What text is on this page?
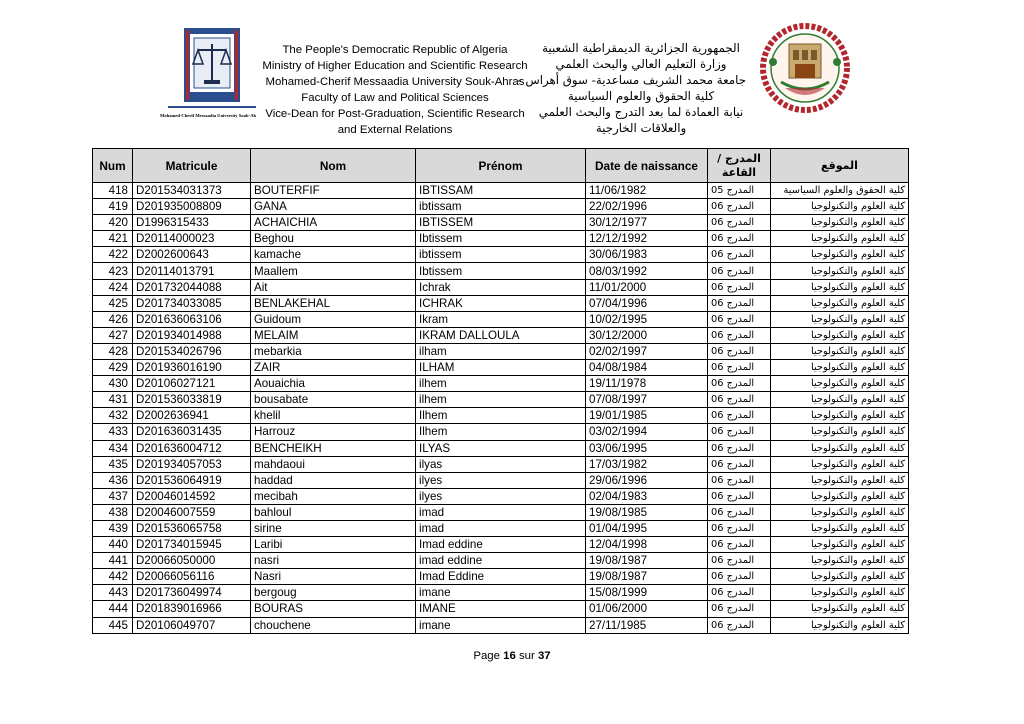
Mohamed-Cherif Messaadia University Souk-Ah
The People's Democratic Republic of Algeria
Ministry of Higher Education and Scientific Research
Mohamed-Cherif Messaadia University Souk-Ahras
Faculty of Law and Political Sciences
Vice-Dean for Post-Graduation, Scientific Research
and External Relations
الجمهورية الجزائرية الديمقراطية الشعبية
وزارة التعليم العالي والبحث العلمي
جامعة محمد الشريف مساعدية- سوق أهراس -
كلية الحقوق والعلوم السياسية
نيابة العمادة لما بعد التدرج والبحث العلمي والعلاقات الخارجية
Num	Matricule	Nom	Prénom	Date de naissance	المدرج / القاعة	الموقع
418	D201534031373	BOUTERFIF	IBTISSAM	11/06/1982	المدرج 05	كلية الحقوق والعلوم السياسية
419	D201935008809	GANA	ibtissam	22/02/1996	المدرج 06	كلية العلوم والتكنولوجيا
420	D1996315433	ACHAICHIA	IBTISSEM	30/12/1977	المدرج 06	كلية العلوم والتكنولوجيا
421	D20114000023	Beghou	Ibtissem	12/12/1992	المدرج 06	كلية العلوم والتكنولوجيا
422	D2002600643	kamache	ibtissem	30/06/1983	المدرج 06	كلية العلوم والتكنولوجيا
423	D20114013791	Maallem	Ibtissem	08/03/1992	المدرج 06	كلية العلوم والتكنولوجيا
424	D201732044088	Ait	Ichrak	11/01/2000	المدرج 06	كلية العلوم والتكنولوجيا
425	D201734033085	BENLAKEHAL	ICHRAK	07/04/1996	المدرج 06	كلية العلوم والتكنولوجيا
426	D201636063106	Guidoum	Ikram	10/02/1995	المدرج 06	كلية العلوم والتكنولوجيا
427	D201934014988	MELAIM	IKRAM DALLOULA	30/12/2000	المدرج 06	كلية العلوم والتكنولوجيا
428	D201534026796	mebarkia	ilham	02/02/1997	المدرج 06	كلية العلوم والتكنولوجيا
429	D201936016190	ZAIR	ILHAM	04/08/1984	المدرج 06	كلية العلوم والتكنولوجيا
430	D20106027121	Aouaichia	ilhem	19/11/1978	المدرج 06	كلية العلوم والتكنولوجيا
431	D201536033819	bousabate	ilhem	07/08/1997	المدرج 06	كلية العلوم والتكنولوجيا
432	D2002636941	khelil	Ilhem	19/01/1985	المدرج 06	كلية العلوم والتكنولوجيا
433	D201636031435	Harrouz	Ilhem	03/02/1994	المدرج 06	كلية العلوم والتكنولوجيا
434	D201636004712	BENCHEIKH	ILYAS	03/06/1995	المدرج 06	كلية العلوم والتكنولوجيا
435	D201934057053	mahdaoui	ilyas	17/03/1982	المدرج 06	كلية العلوم والتكنولوجيا
436	D201536064919	haddad	ilyes	29/06/1996	المدرج 06	كلية العلوم والتكنولوجيا
437	D20046014592	mecibah	ilyes	02/04/1983	المدرج 06	كلية العلوم والتكنولوجيا
438	D20046007559	bahloul	imad	19/08/1985	المدرج 06	كلية العلوم والتكنولوجيا
439	D201536065758	sirine	imad	01/04/1995	المدرج 06	كلية العلوم والتكنولوجيا
440	D201734015945	Laribi	Imad eddine	12/04/1998	المدرج 06	كلية العلوم والتكنولوجيا
441	D20066050000	nasri	imad eddine	19/08/1987	المدرج 06	كلية العلوم والتكنولوجيا
442	D20066056116	Nasri	Imad Eddine	19/08/1987	المدرج 06	كلية العلوم والتكنولوجيا
443	D201736049974	bergoug	imane	15/08/1999	المدرج 06	كلية العلوم والتكنولوجيا
444	D201839016966	BOURAS	IMANE	01/06/2000	المدرج 06	كلية العلوم والتكنولوجيا
445	D20106049707	chouchene	imane	27/11/1985	المدرج 06	كلية العلوم والتكنولوجيا
Page 16 sur 37
